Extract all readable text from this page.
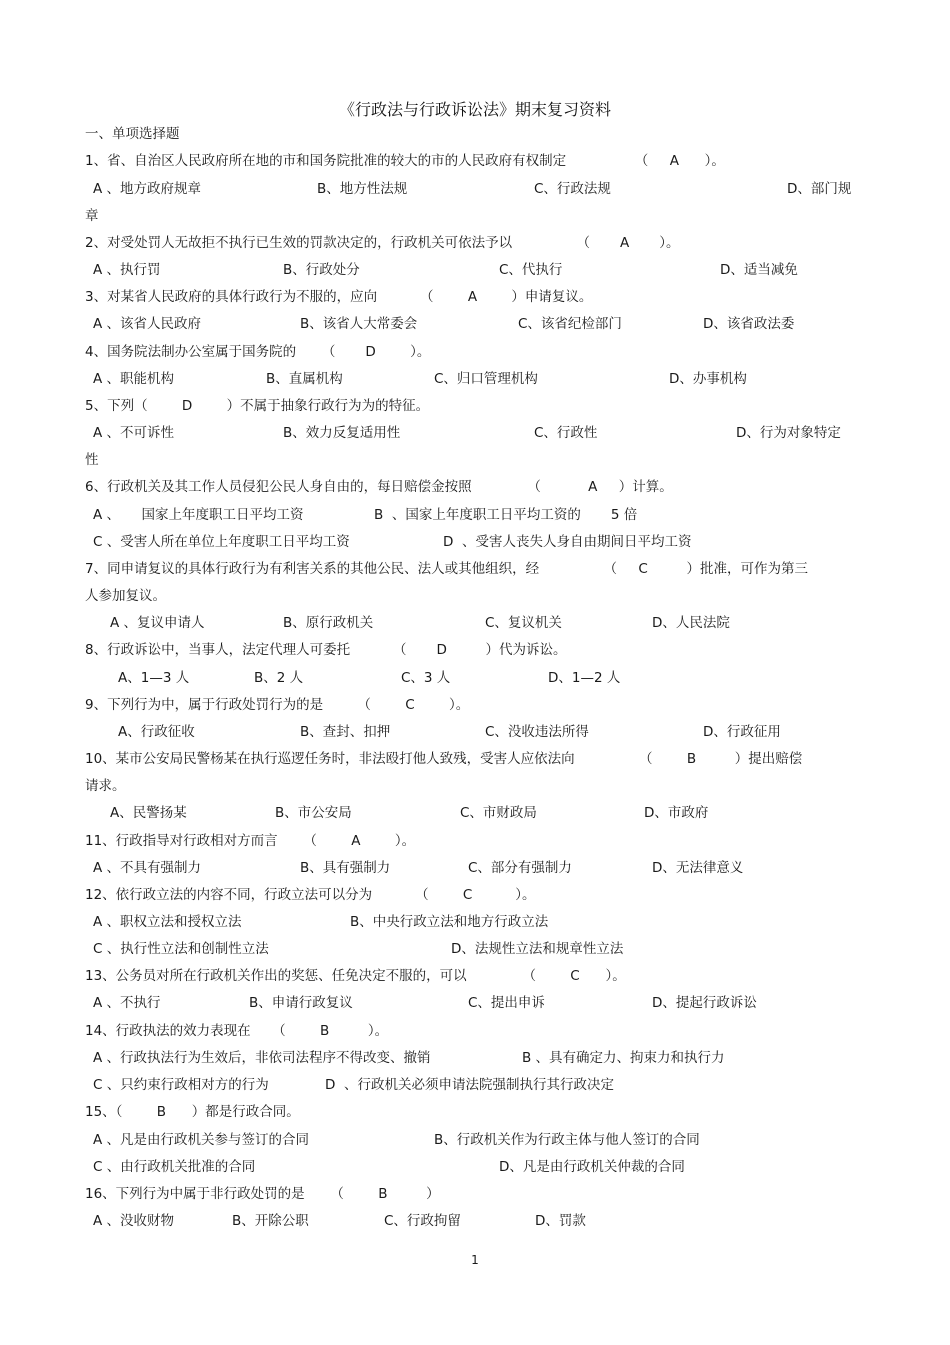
《行政法与行政诉讼法》期末复习资料
一、单项选择题
1、省、自治区人民政府所在地的市和国务院批准的较大的市的人民政府有权制定                （     A      ）。
A 、地方政府规章	B、地方性法规	C、行政法规	D、部门规
章
2、对受处罚人无故拒不执行已生效的罚款决定的，行政机关可依法予以               （       A       ）。
A 、执行罚	B、行政处分	C、代执行	D、适当减免
3、对某省人民政府的具体行政行为不服的，应向          （        A        ）申请复议。
A 、该省人民政府	B、该省人大常委会	C、该省纪检部门	D、该省政法委
4、国务院法制办公室属于国务院的      （       D        ）。
A 、职能机构	B、直属机构	C、归口管理机构	D、办事机构
5、下列（        D        ）不属于抽象行政行为为的特征。
A 、不可诉性	B、效力反复适用性	C、行政性	D、行为对象特定
性
6、行政机关及其工作人员侵犯公民人身自由的，每日赔偿金按照             （           A     ）计算。
A 、     国家上年度职工日平均工资	B  、国家上年度职工日平均工资的       5 倍
C 、受害人所在单位上年度职工日平均工资	D  、受害人丧失人身自由期间日平均工资
7、同申请复议的具体行政行为有利害关系的其他公民、法人或其他组织，经               （     C         ）批准，可作为第三
人参加复议。
A 、复议申请人	B、原行政机关	C、复议机关	D、人民法院
8、行政诉讼中，当事人，法定代理人可委托          （       D         ）代为诉讼。
A、1—3 人	B、2 人	C、3 人	D、1—2 人
9、下列行为中，属于行政处罚行为的是        （        C        ）。
A、行政征收	B、查封、扣押	C、没收违法所得	D、行政征用
10、某市公安局民警杨某在执行巡逻任务时，非法殴打他人致残，受害人应依法向               （        B         ）提出赔偿
请求。
A、民警扬某	B、市公安局	C、市财政局	D、市政府
11、行政指导对行政相对方而言      （        A        ）。
A 、不具有强制力	B、具有强制力	C、部分有强制力	D、无法律意义
12、依行政立法的内容不同，行政立法可以分为          （        C          ）。
A 、职权立法和授权立法	B、中央行政立法和地方行政立法
C 、执行性立法和创制性立法	D、法规性立法和规章性立法
13、公务员对所在行政机关作出的奖惩、任免决定不服的，可以             （        C      ）。
A 、不执行	B、申请行政复议	C、提出申诉	D、提起行政诉讼
14、行政执法的效力表现在     （        B         ）。
A 、行政执法行为生效后，非依司法程序不得改变、撤销	B 、具有确定力、拘束力和执行力
C 、只约束行政相对方的行为	D  、行政机关必须申请法院强制执行其行政决定
15、（        B      ）都是行政合同。
A 、凡是由行政机关参与签订的合同	B、行政机关作为行政主体与他人签订的合同
C 、由行政机关批准的合同	D、凡是由行政机关仲裁的合同
16、下列行为中属于非行政处罚的是      （        B         ）
A 、没收财物	B、开除公职	C、行政拘留	D、罚款
1
